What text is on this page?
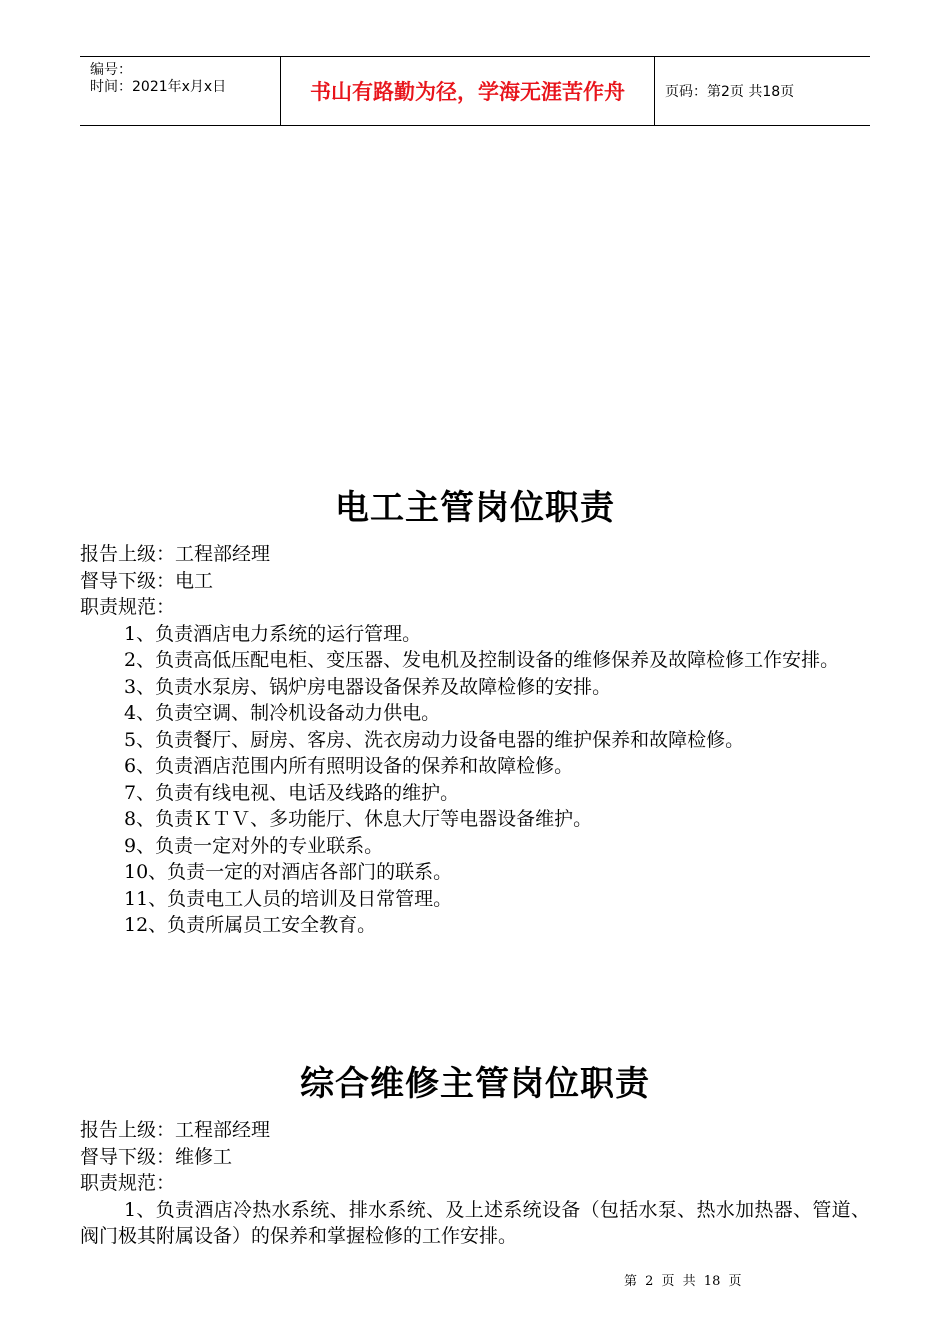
编号：
时间：2021年x月x日	书山有路勤为径，学海无涯苦作舟	页码：第2页 共18页
电工主管岗位职责
报告上级：工程部经理
督导下级：电工
职责规范：
1、负责酒店电力系统的运行管理。
2、负责高低压配电柜、变压器、发电机及控制设备的维修保养及故障检修工作安排。
3、负责水泵房、锅炉房电器设备保养及故障检修的安排。
4、负责空调、制冷机设备动力供电。
5、负责餐厅、厨房、客房、洗衣房动力设备电器的维护保养和故障检修。
6、负责酒店范围内所有照明设备的保养和故障检修。
7、负责有线电视、电话及线路的维护。
8、负责ＫＴＶ、多功能厅、休息大厅等电器设备维护。
9、负责一定对外的专业联系。
10、负责一定的对酒店各部门的联系。
11、负责电工人员的培训及日常管理。
12、负责所属员工安全教育。
综合维修主管岗位职责
报告上级：工程部经理
督导下级：维修工
职责规范：
1、负责酒店冷热水系统、排水系统、及上述系统设备（包括水泵、热水加热器、管道、阀门极其附属设备）的保养和掌握检修的工作安排。
第 2 页 共 18 页
